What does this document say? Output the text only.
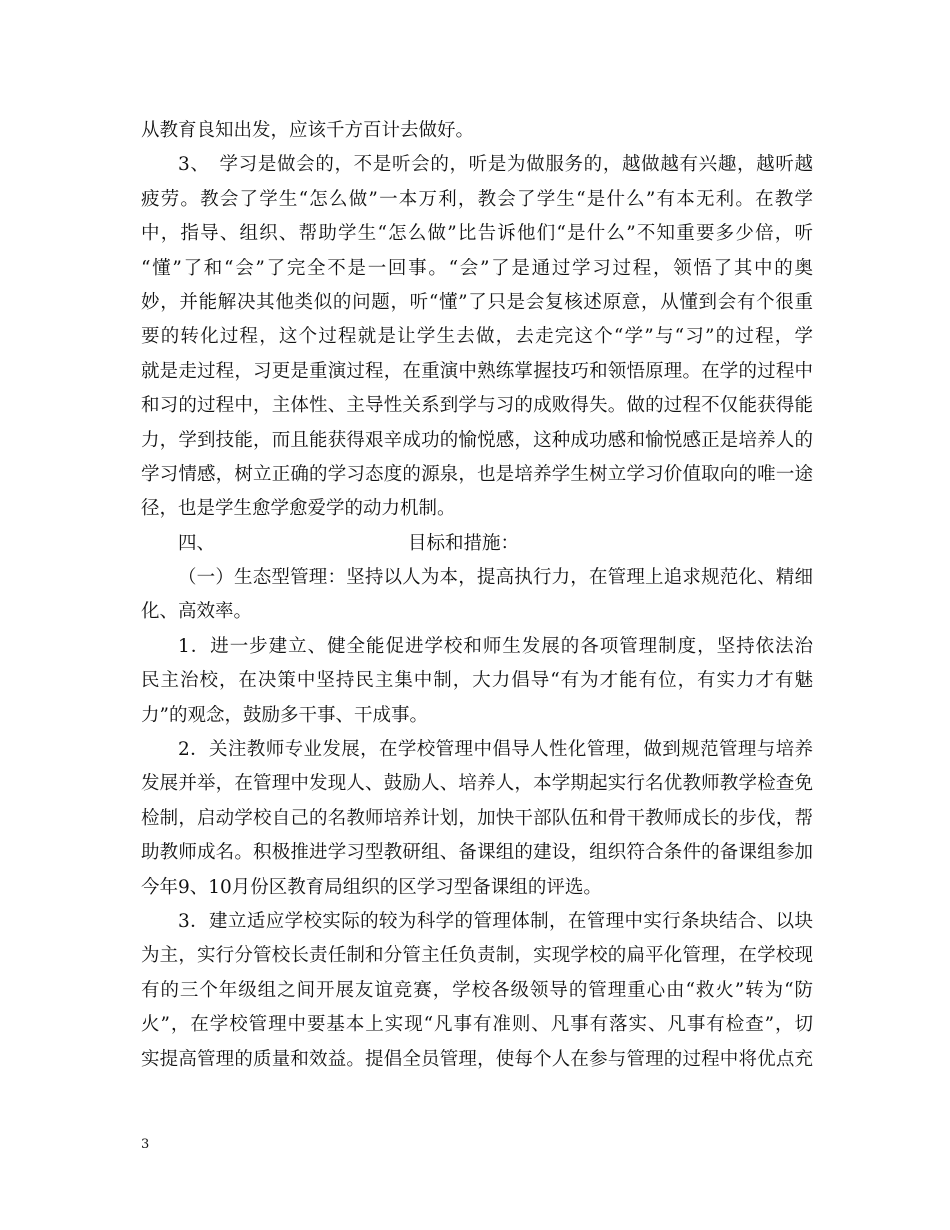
从教育良知出发，应该千方百计去做好。
3、　学习是做会的，不是听会的，听是为做服务的，越做越有兴趣，越听越
疲劳。教会了学生“怎么做”一本万利，教会了学生“是什么”有本无利。在教学
中，指导、组织、帮助学生“怎么做”比告诉他们“是什么”不知重要多少倍，听
“懂”了和“会”了完全不是一回事。“会”了是通过学习过程，领悟了其中的奥
妙，并能解决其他类似的问题，听“懂”了只是会复核述原意，从懂到会有个很重
要的转化过程，这个过程就是让学生去做，去走完这个“学”与“习”的过程，学
就是走过程，习更是重演过程，在重演中熟练掌握技巧和领悟原理。在学的过程中
和习的过程中，主体性、主导性关系到学与习的成败得失。做的过程不仅能获得能
力，学到技能，而且能获得艰辛成功的愉悦感，这种成功感和愉悦感正是培养人的
学习情感，树立正确的学习态度的源泉，也是培养学生树立学习价值取向的唯一途
径，也是学生愈学愈爱学的动力机制。
四、	目标和措施：
（一）生态型管理：坚持以人为本，提高执行力，在管理上追求规范化、精细
化、高效率。
1．进一步建立、健全能促进学校和师生发展的各项管理制度，坚持依法治
民主治校，在决策中坚持民主集中制，大力倡导“有为才能有位，有实力才有魅
力”的观念，鼓励多干事、干成事。
2．关注教师专业发展，在学校管理中倡导人性化管理，做到规范管理与培养
发展并举，在管理中发现人、鼓励人、培养人，本学期起实行名优教师教学检查免
检制，启动学校自己的名教师培养计划，加快干部队伍和骨干教师成长的步伐，帮
助教师成名。积极推进学习型教研组、备课组的建设，组织符合条件的备课组参加
今年9、10月份区教育局组织的区学习型备课组的评选。
3．建立适应学校实际的较为科学的管理体制，在管理中实行条块结合、以块
为主，实行分管校长责任制和分管主任负责制，实现学校的扁平化管理，在学校现
有的三个年级组之间开展友谊竞赛，学校各级领导的管理重心由“救火”转为“防
火”，在学校管理中要基本上实现“凡事有准则、凡事有落实、凡事有检查”，切
实提高管理的质量和效益。提倡全员管理，使每个人在参与管理的过程中将优点充
3
